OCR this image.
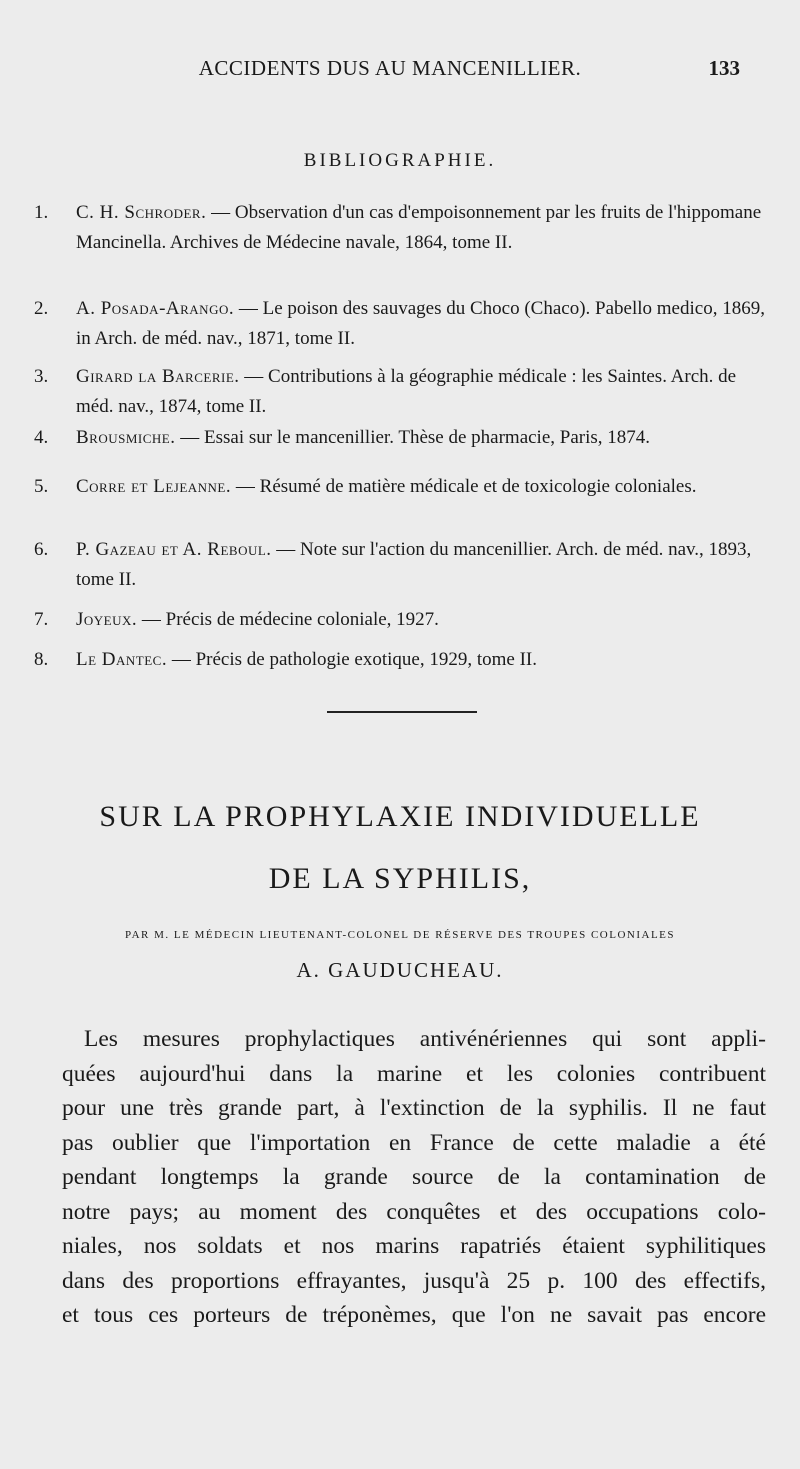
ACCIDENTS DUS AU MANCENILLIER.	133
BIBLIOGRAPHIE.
1. C. H. Schroder. — Observation d'un cas d'empoisonnement par les fruits de l'hippomane Mancinella. Archives de Médecine navale, 1864, tome II.
2. A. Posada-Arango. — Le poison des sauvages du Choco (Chaco). Pabello medico, 1869, in Arch. de méd. nav., 1871, tome II.
3. Girard la Barcerie. — Contributions à la géographie médicale : les Saintes. Arch. de méd. nav., 1874, tome II.
4. Brousmiche. — Essai sur le mancenillier. Thèse de pharmacie, Paris, 1874.
5. Corre et Lejeanne. — Résumé de matière médicale et de toxicologie coloniales.
6. P. Gazeau et A. Reboul. — Note sur l'action du mancenillier. Arch. de méd. nav., 1893, tome II.
7. Joyeux. — Précis de médecine coloniale, 1927.
8. Le Dantec. — Précis de pathologie exotique, 1929, tome II.
SUR LA PROPHYLAXIE INDIVIDUELLE
DE LA SYPHILIS,
PAR M. LE MÉDECIN LIEUTENANT-COLONEL DE RÉSERVE DES TROUPES COLONIALES
A. GAUDUCHEAU.
Les mesures prophylactiques antivénériennes qui sont appli-
quées aujourd'hui dans la marine et les colonies contribuent
pour une très grande part, à l'extinction de la syphilis. Il ne faut
pas oublier que l'importation en France de cette maladie a été
pendant longtemps la grande source de la contamination de
notre pays; au moment des conquêtes et des occupations colo-
niales, nos soldats et nos marins rapatriés étaient syphilitiques
dans des proportions effrayantes, jusqu'à 25 p. 100 des effectifs,
et tous ces porteurs de tréponèmes, que l'on ne savait pas encore
